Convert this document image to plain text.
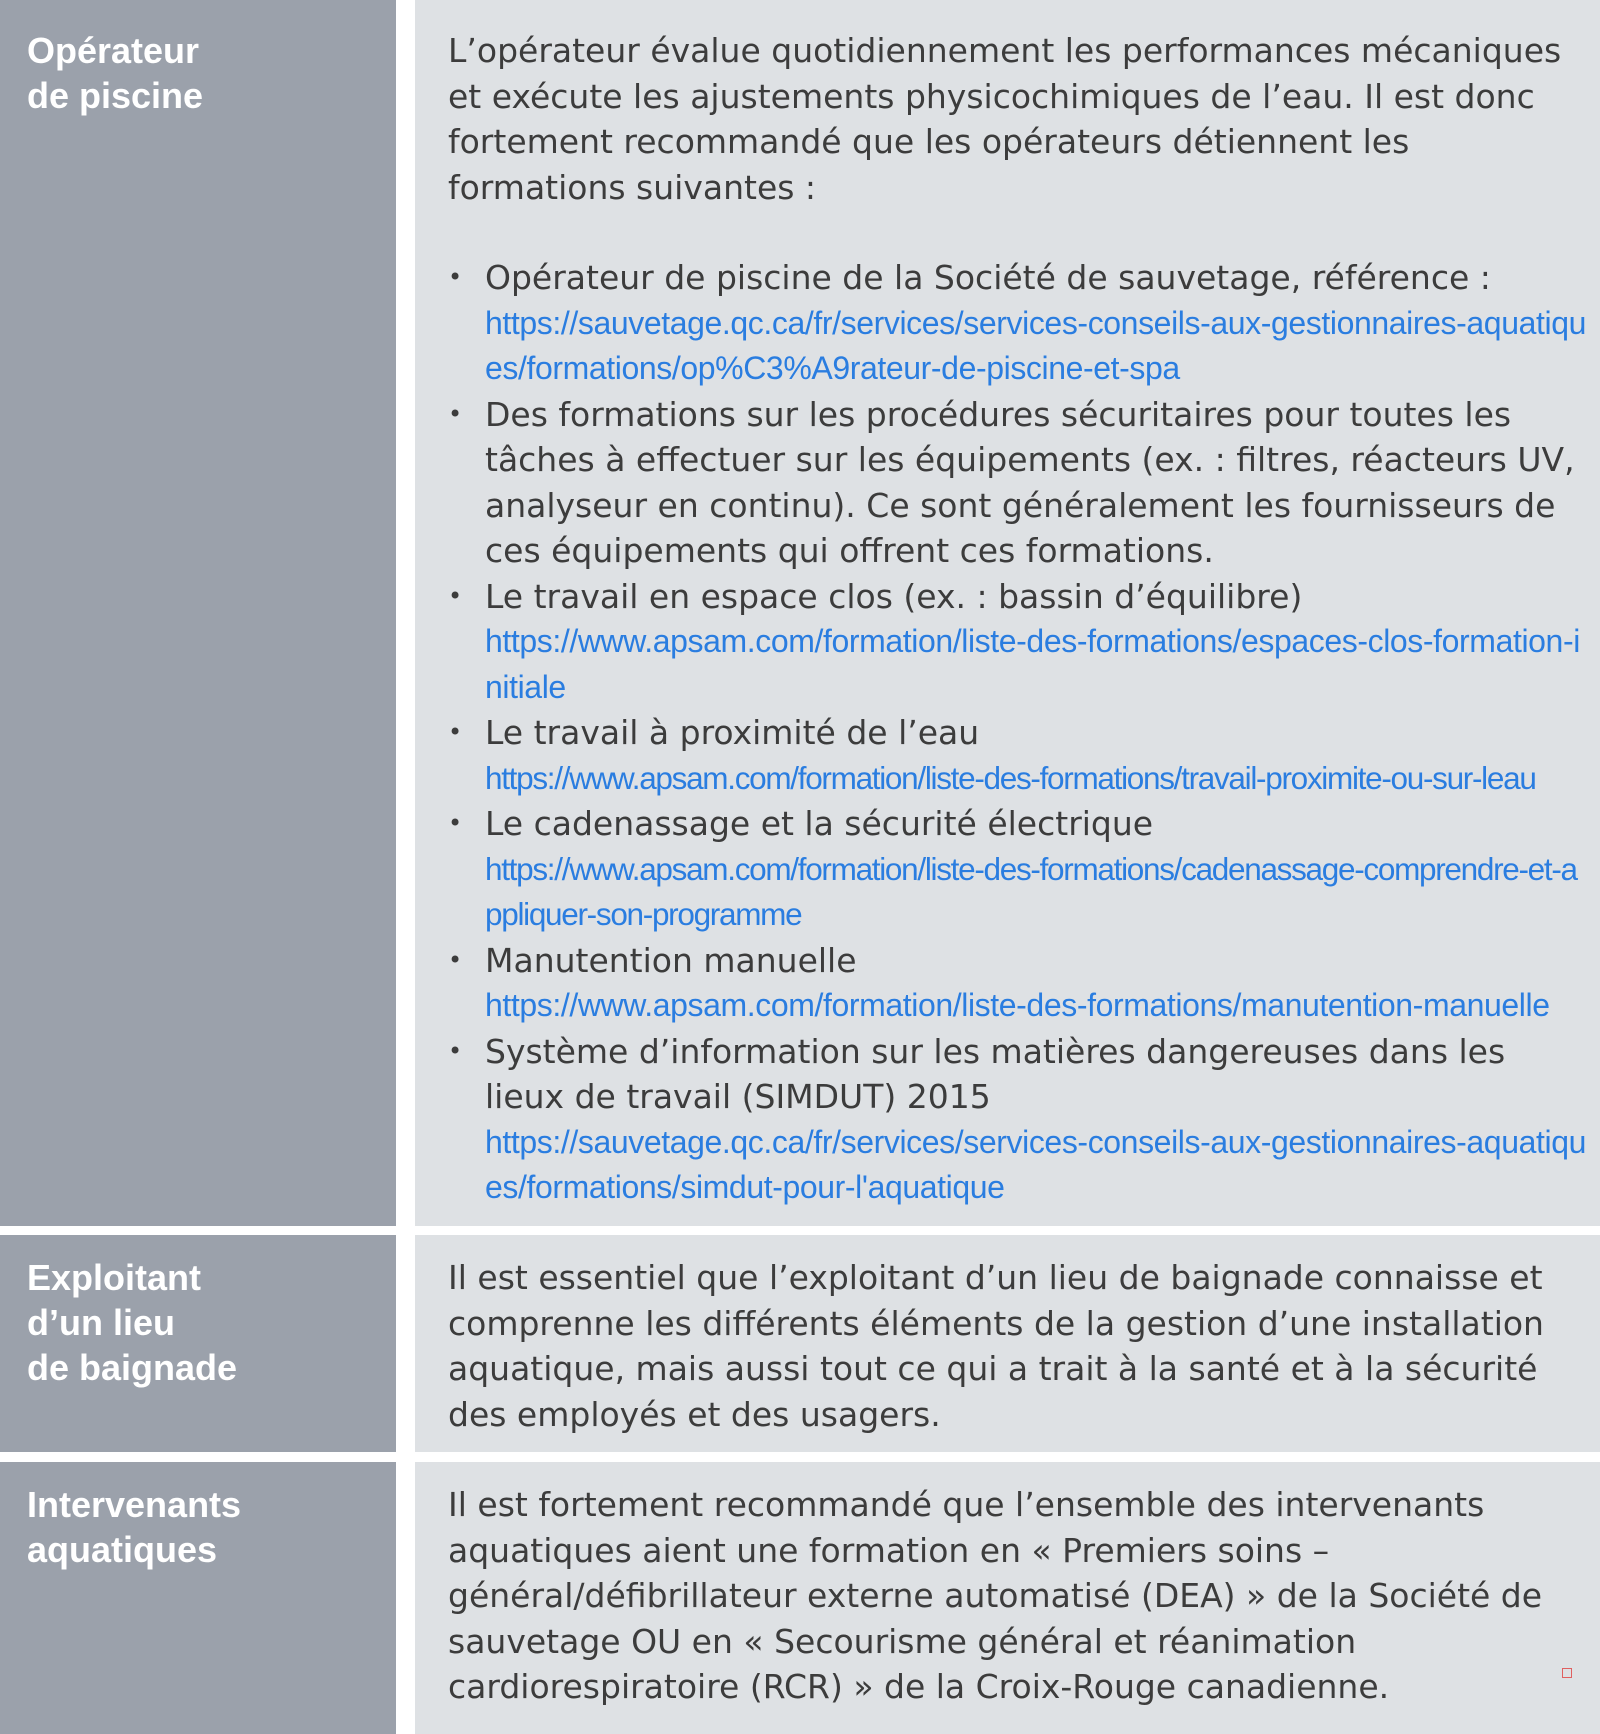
Opérateur
de piscine

L’opérateur évalue quotidiennement les performances mécaniques et exécute les ajustements physicochimiques de l’eau. Il est donc fortement recommandé que les opérateurs détiennent les formations suivantes :

• Opérateur de piscine de la Société de sauvetage, référence :
https://sauvetage.qc.ca/fr/services/services-conseils-aux-gestionnaires-aquatiques/formations/op%C3%A9rateur-de-piscine-et-spa
• Des formations sur les procédures sécuritaires pour toutes les tâches à effectuer sur les équipements (ex. : filtres, réacteurs UV, analyseur en continu). Ce sont généralement les fournisseurs de ces équipements qui offrent ces formations.
• Le travail en espace clos (ex. : bassin d’équilibre)
https://www.apsam.com/formation/liste-des-formations/espaces-clos-formation-initiale
• Le travail à proximité de l’eau
https://www.apsam.com/formation/liste-des-formations/travail-proximite-ou-sur-leau
• Le cadenassage et la sécurité électrique
https://www.apsam.com/formation/liste-des-formations/cadenassage-comprendre-et-appliquer-son-programme
• Manutention manuelle
https://www.apsam.com/formation/liste-des-formations/manutention-manuelle
• Système d’information sur les matières dangereuses dans les lieux de travail (SIMDUT) 2015
https://sauvetage.qc.ca/fr/services/services-conseils-aux-gestionnaires-aquatiques/formations/simdut-pour-l'aquatique
Exploitant
d’un lieu
de baignade

Il est essentiel que l’exploitant d’un lieu de baignade connaisse et comprenne les différents éléments de la gestion d’une installation aquatique, mais aussi tout ce qui a trait à la santé et à la sécurité des employés et des usagers.

Intervenants
aquatiques

Il est fortement recommandé que l’ensemble des intervenants aquatiques aient une formation en « Premiers soins – général/défibrillateur externe automatisé (DEA) » de la Société de sauvetage OU en « Secourisme général et réanimation cardiorespiratoire (RCR) » de la Croix-Rouge canadienne.
